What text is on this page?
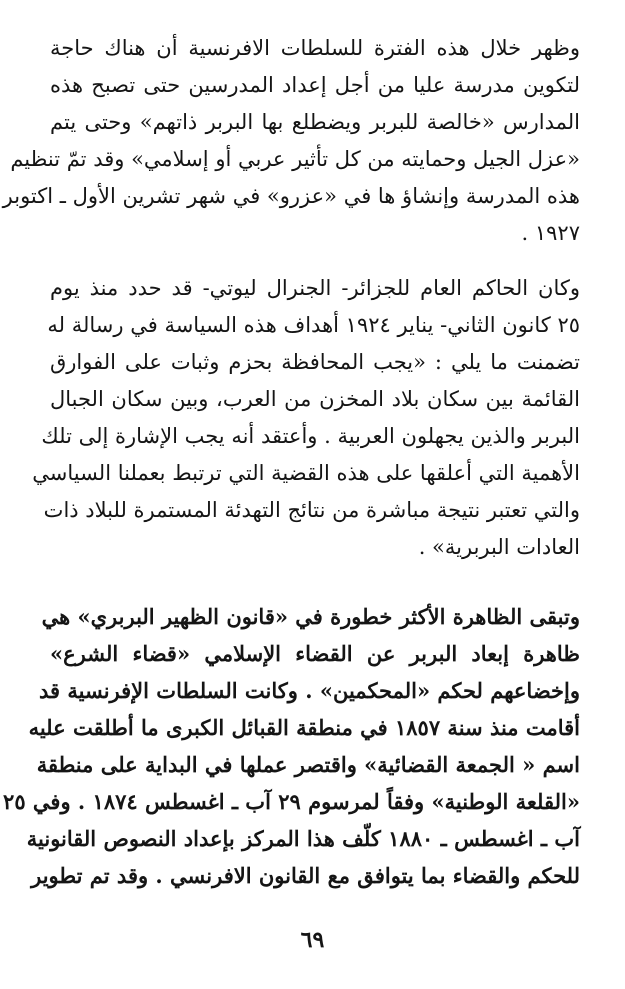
وظهر خلال هذه الفترة للسلطات الافرنسية أن هناك حاجة
لتكوين مدرسة عليا من أجل إعداد المدرسين حتى تصبح هذه
المدارس «خالصة للبربر ويضطلع بها البربر ذاتهم» وحتى يتم
«عزل الجيل وحمايته من كل تأثير عربي أو إسلامي» وقد تمّ تنظيم
هذه المدرسة وإنشاؤ ها في «عزرو» في شهر تشرين الأول ـ اكتوبر
١٩٢٧ .
وكان الحاكم العام للجزائر- الجنرال ليوتي- قد حدد منذ يوم
٢٥ كانون الثاني- يناير ١٩٢٤ أهداف هذه السياسة في رسالة له
تضمنت ما يلي : «يجب المحافظة بحزم وثبات على الفوارق
القائمة بين سكان بلاد المخزن من العرب، وبين سكان الجبال
البربر والذين يجهلون العربية . وأعتقد أنه يجب الإشارة إلى تلك
الأهمية التي أعلقها على هذه القضية التي ترتبط بعملنا السياسي
والتي تعتبر نتيجة مباشرة من نتائج التهدئة المستمرة للبلاد ذات
العادات البربرية» .
وتبقى الظاهرة الأكثر خطورة في «قانون الظهير البربري» هي
ظاهرة إبعاد البربر عن القضاء الإسلامي «قضاء الشرع»
وإخضاعهم لحكم «المحكمين» . وكانت السلطات الإفرنسية قد
أقامت منذ سنة ١٨٥٧ في منطقة القبائل الكبرى ما أطلقت عليه
اسم « الجمعة القضائية» واقتصر عملها في البداية على منطقة
«القلعة الوطنية» وفقاً لمرسوم ٢٩ آب ـ اغسطس ١٨٧٤ . وفي ٢٥
آب ـ اغسطس ـ ١٨٨٠ كلّف هذا المركز بإعداد النصوص القانونية
للحكم والقضاء بما يتوافق مع القانون الافرنسي . وقد تم تطوير
٦٩
